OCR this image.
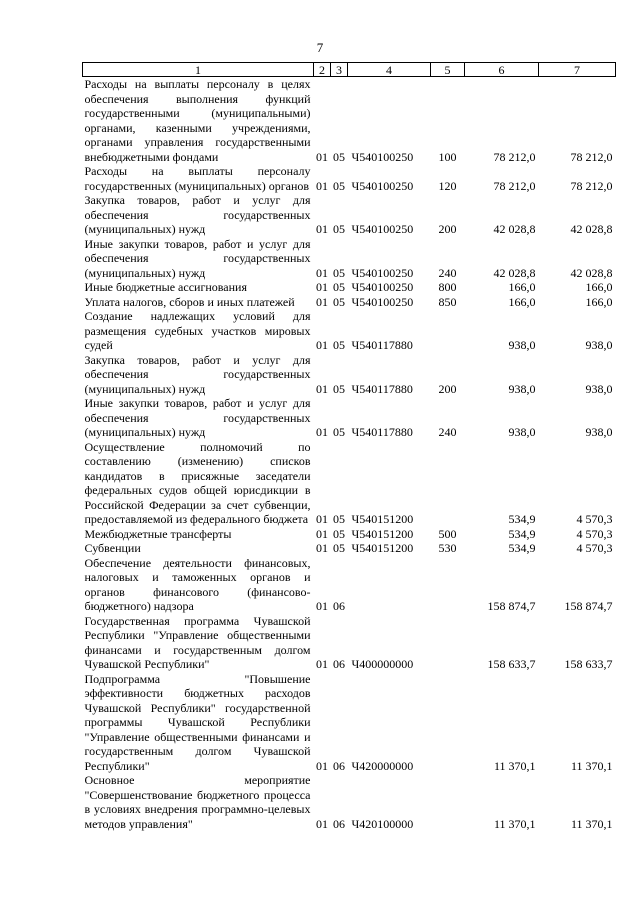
7
1	2	3	4	5	6	7
Расходы на выплаты персоналу в целях обеспечения выполнения функций государственными (муниципальными) органами, казенными учреждениями, органами управления государственными внебюджетными фондами	01	05	Ч540100250	100	78 212,0	78 212,0
Расходы на выплаты персоналу государственных (муниципальных) органов	01	05	Ч540100250	120	78 212,0	78 212,0
Закупка товаров, работ и услуг для обеспечения государственных (муниципальных) нужд	01	05	Ч540100250	200	42 028,8	42 028,8
Иные закупки товаров, работ и услуг для обеспечения государственных (муниципальных) нужд	01	05	Ч540100250	240	42 028,8	42 028,8
Иные бюджетные ассигнования	01	05	Ч540100250	800	166,0	166,0
Уплата налогов, сборов и иных платежей	01	05	Ч540100250	850	166,0	166,0
Создание надлежащих условий для размещения судебных участков мировых судей	01	05	Ч540117880		938,0	938,0
Закупка товаров, работ и услуг для обеспечения государственных (муниципальных) нужд	01	05	Ч540117880	200	938,0	938,0
Иные закупки товаров, работ и услуг для обеспечения государственных (муниципальных) нужд	01	05	Ч540117880	240	938,0	938,0
Осуществление полномочий по составлению (изменению) списков кандидатов в присяжные заседатели федеральных судов общей юрисдикции в Российской Федерации за счет субвенции, предоставляемой из федерального бюджета	01	05	Ч540151200		534,9	4 570,3
Межбюджетные трансферты	01	05	Ч540151200	500	534,9	4 570,3
Субвенции	01	05	Ч540151200	530	534,9	4 570,3
Обеспечение деятельности финансовых, налоговых и таможенных органов и органов финансового (финансово-бюджетного) надзора	01	06			158 874,7	158 874,7
Государственная программа Чувашской Республики "Управление общественными финансами и государственным долгом Чувашской Республики"	01	06	Ч400000000		158 633,7	158 633,7
Подпрограмма "Повышение эффективности бюджетных расходов Чувашской Республики" государственной программы Чувашской Республики "Управление общественными финансами и государственным долгом Чувашской Республики"	01	06	Ч420000000		11 370,1	11 370,1
Основное мероприятие "Совершенствование бюджетного процесса в условиях внедрения программно-целевых методов управления"	01	06	Ч420100000		11 370,1	11 370,1
